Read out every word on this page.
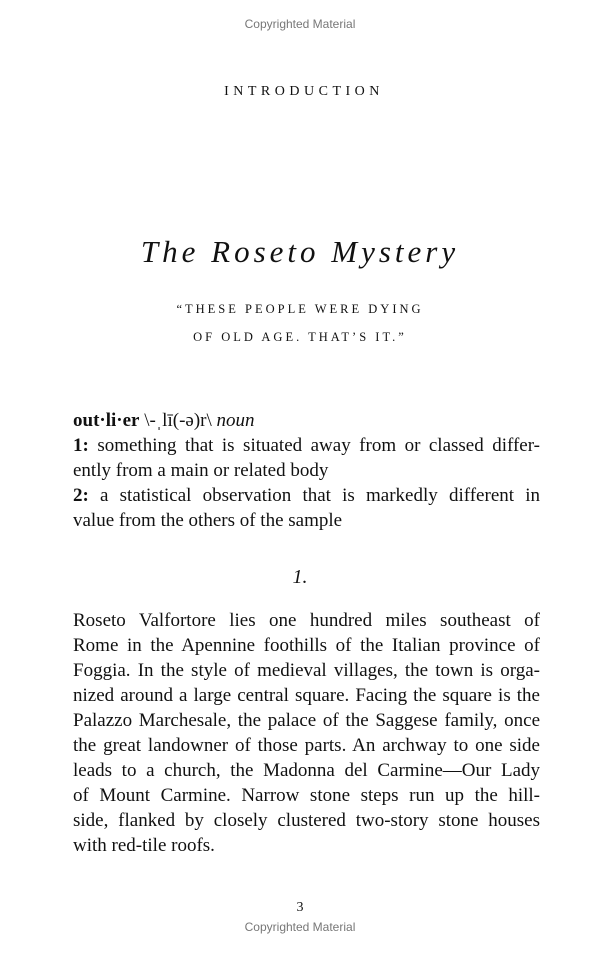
Copyrighted Material
INTRODUCTION
The Roseto Mystery
“THESE PEOPLE WERE DYING
OF OLD AGE. THAT’S IT.”
out·li·er \-ˌlī(-ə)r\ noun
1: something that is situated away from or classed differ-
ently from a main or related body
2: a statistical observation that is markedly different in
value from the others of the sample
1.
Roseto Valfortore lies one hundred miles southeast of
Rome in the Apennine foothills of the Italian province of
Foggia. In the style of medieval villages, the town is orga-
nized around a large central square. Facing the square is the
Palazzo Marchesale, the palace of the Saggese family, once
the great landowner of those parts. An archway to one side
leads to a church, the Madonna del Carmine—Our Lady
of Mount Carmine. Narrow stone steps run up the hill-
side, flanked by closely clustered two-story stone houses
with red-tile roofs.
3
Copyrighted Material
